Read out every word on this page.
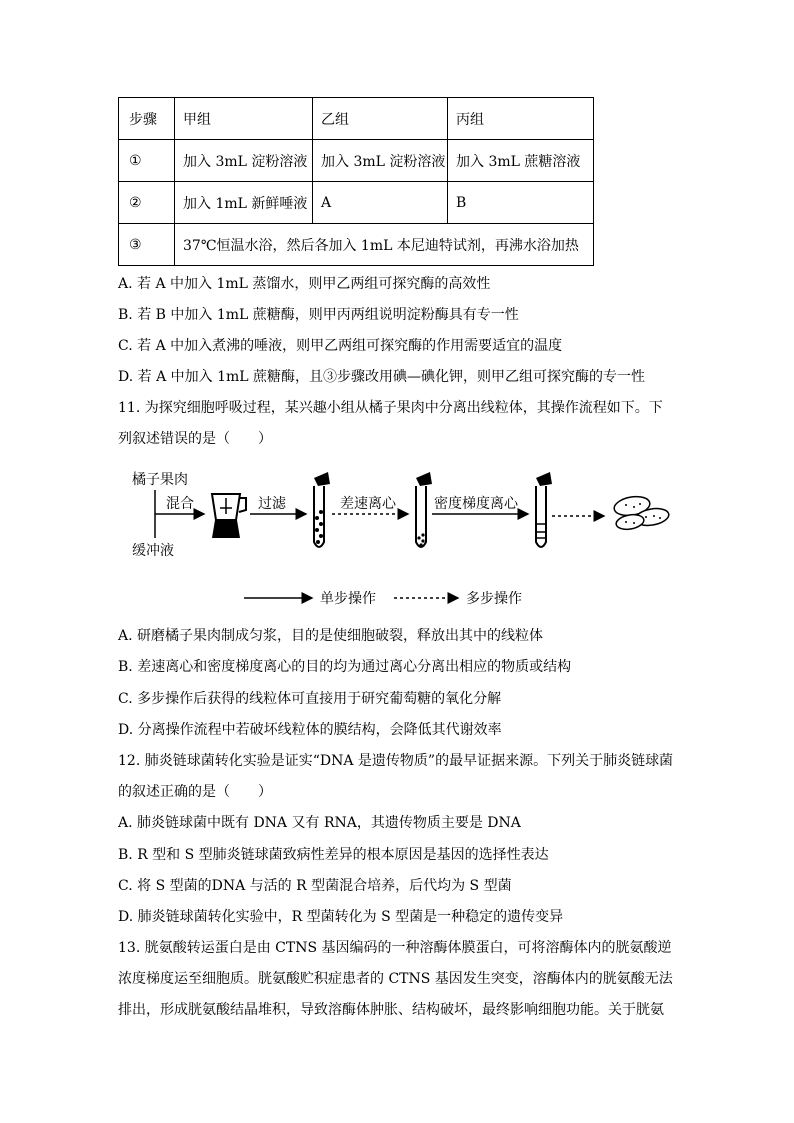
步骤	甲组	乙组	丙组
①	加入 3mL 淀粉溶液	加入 3mL 淀粉溶液	加入 3mL 蔗糖溶液
②	加入 1mL 新鲜唾液	A	B
③	37℃恒温水浴，然后各加入 1mL 本尼迪特试剂，再沸水浴加热		
A. 若 A 中加入 1mL 蒸馏水，则甲乙两组可探究酶的高效性
B. 若 B 中加入 1mL 蔗糖酶，则甲丙两组说明淀粉酶具有专一性
C. 若 A 中加入煮沸的唾液，则甲乙两组可探究酶的作用需要适宜的温度
D. 若 A 中加入 1mL 蔗糖酶，且③步骤改用碘—碘化钾，则甲乙组可探究酶的专一性
11. 为探究细胞呼吸过程，某兴趣小组从橘子果肉中分离出线粒体，其操作流程如下。下
列叙述错误的是（　　）
橘子果肉
缓冲液
混合	过滤	差速离心	密度梯度离心
单步操作	多步操作
A. 研磨橘子果肉制成匀浆，目的是使细胞破裂，释放出其中的线粒体
B. 差速离心和密度梯度离心的目的均为通过离心分离出相应的物质或结构
C. 多步操作后获得的线粒体可直接用于研究葡萄糖的氧化分解
D. 分离操作流程中若破坏线粒体的膜结构，会降低其代谢效率
12. 肺炎链球菌转化实验是证实“DNA 是遗传物质”的最早证据来源。下列关于肺炎链球菌
的叙述正确的是（　　）
A. 肺炎链球菌中既有 DNA 又有 RNA，其遗传物质主要是 DNA
B. R 型和 S 型肺炎链球菌致病性差异的根本原因是基因的选择性表达
C. 将 S 型菌的DNA 与活的 R 型菌混合培养，后代均为 S 型菌
D. 肺炎链球菌转化实验中，R 型菌转化为 S 型菌是一种稳定的遗传变异
13. 胱氨酸转运蛋白是由 CTNS 基因编码的一种溶酶体膜蛋白，可将溶酶体内的胱氨酸逆
浓度梯度运至细胞质。胱氨酸贮积症患者的 CTNS 基因发生突变，溶酶体内的胱氨酸无法
排出，形成胱氨酸结晶堆积，导致溶酶体肿胀、结构破坏，最终影响细胞功能。关于胱氨
